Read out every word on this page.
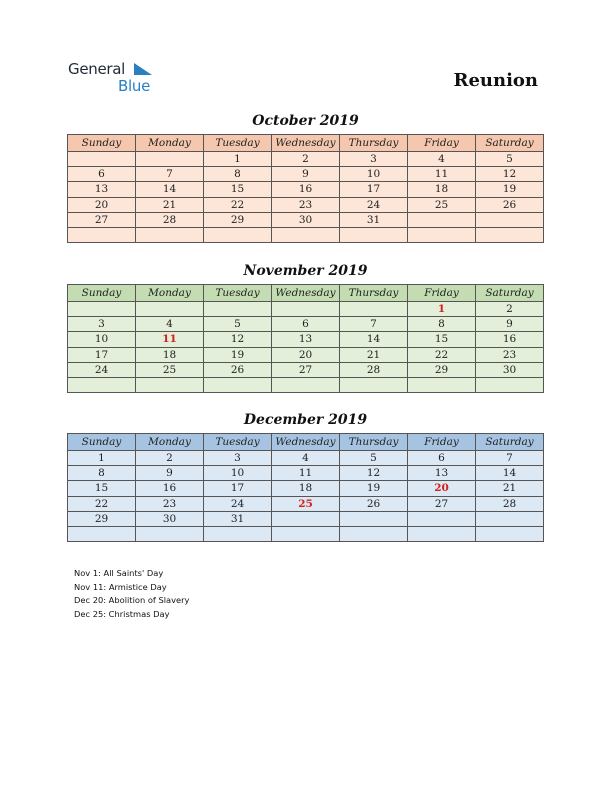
General
Blue	Reunion
October 2019
Sunday	Monday	Tuesday	Wednesday	Thursday	Friday	Saturday
		1	2	3	4	5
6	7	8	9	10	11	12
13	14	15	16	17	18	19
20	21	22	23	24	25	26
27	28	29	30	31		

November 2019
Sunday	Monday	Tuesday	Wednesday	Thursday	Friday	Saturday
					1	2
3	4	5	6	7	8	9
10	11	12	13	14	15	16
17	18	19	20	21	22	23
24	25	26	27	28	29	30

December 2019
Sunday	Monday	Tuesday	Wednesday	Thursday	Friday	Saturday
1	2	3	4	5	6	7
8	9	10	11	12	13	14
15	16	17	18	19	20	21
22	23	24	25	26	27	28
29	30	31				

Nov 1: All Saints' Day
Nov 11: Armistice Day
Dec 20: Abolition of Slavery
Dec 25: Christmas Day
